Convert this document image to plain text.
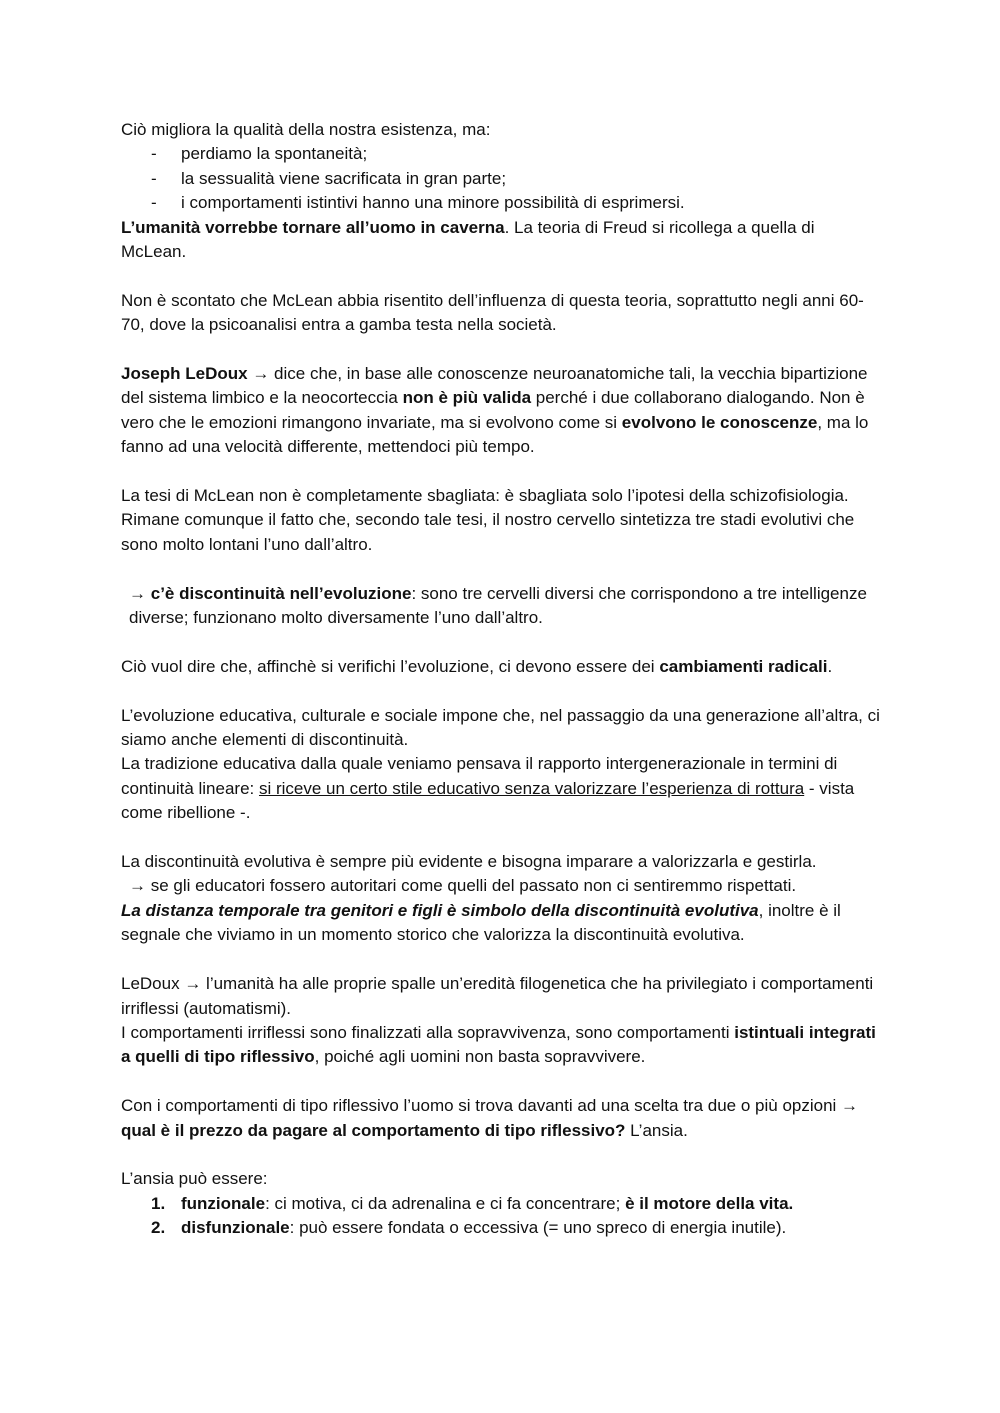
Ciò migliora la qualità della nostra esistenza, ma:

- perdiamo la spontaneità;
- la sessualità viene sacrificata in gran parte;
- i comportamenti istintivi hanno una minore possibilità di esprimersi.

L’umanità vorrebbe tornare all’uomo in caverna. La teoria di Freud si ricollega a quella di McLean.

Non è scontato che McLean abbia risentito dell’influenza di questa teoria, soprattutto negli anni 60-70, dove la psicoanalisi entra a gamba testa nella società.

Joseph LeDoux → dice che, in base alle conoscenze neuroanatomiche tali, la vecchia bipartizione del sistema limbico e la neocorteccia non è più valida perché i due collaborano dialogando. Non è vero che le emozioni rimangono invariate, ma si evolvono come si evolvono le conoscenze, ma lo fanno ad una velocità differente, mettendoci più tempo.

La tesi di McLean non è completamente sbagliata: è sbagliata solo l’ipotesi della schizofisiologia. Rimane comunque il fatto che, secondo tale tesi, il nostro cervello sintetizza tre stadi evolutivi che sono molto lontani l’uno dall’altro.

→ c’è discontinuità nell’evoluzione: sono tre cervelli diversi che corrispondono a tre intelligenze diverse; funzionano molto diversamente l’uno dall’altro.

Ciò vuol dire che, affinchè si verifichi l’evoluzione, ci devono essere dei cambiamenti radicali.

L’evoluzione educativa, culturale e sociale impone che, nel passaggio da una generazione all’altra, ci siamo anche elementi di discontinuità.

La tradizione educativa dalla quale veniamo pensava il rapporto intergenerazionale in termini di continuità lineare: si riceve un certo stile educativo senza valorizzare l’esperienza di rottura - vista come ribellione -.

La discontinuità evolutiva è sempre più evidente e bisogna imparare a valorizzarla e gestirla.

→ se gli educatori fossero autoritari come quelli del passato non ci sentiremmo rispettati.

La distanza temporale tra genitori e figli è simbolo della discontinuità evolutiva, inoltre è il segnale che viviamo in un momento storico che valorizza la discontinuità evolutiva.

LeDoux → l’umanità ha alle proprie spalle un’eredità filogenetica che ha privilegiato i comportamenti irriflessi (automatismi).

I comportamenti irriflessi sono finalizzati alla sopravvivenza, sono comportamenti istintuali integrati a quelli di tipo riflessivo, poiché agli uomini non basta sopravvivere.

Con i comportamenti di tipo riflessivo l’uomo si trova davanti ad una scelta tra due o più opzioni → qual è il prezzo da pagare al comportamento di tipo riflessivo? L’ansia.

L’ansia può essere:

1. funzionale: ci motiva, ci da adrenalina e ci fa concentrare; è il motore della vita.
2. disfunzionale: può essere fondata o eccessiva (= uno spreco di energia inutile).
